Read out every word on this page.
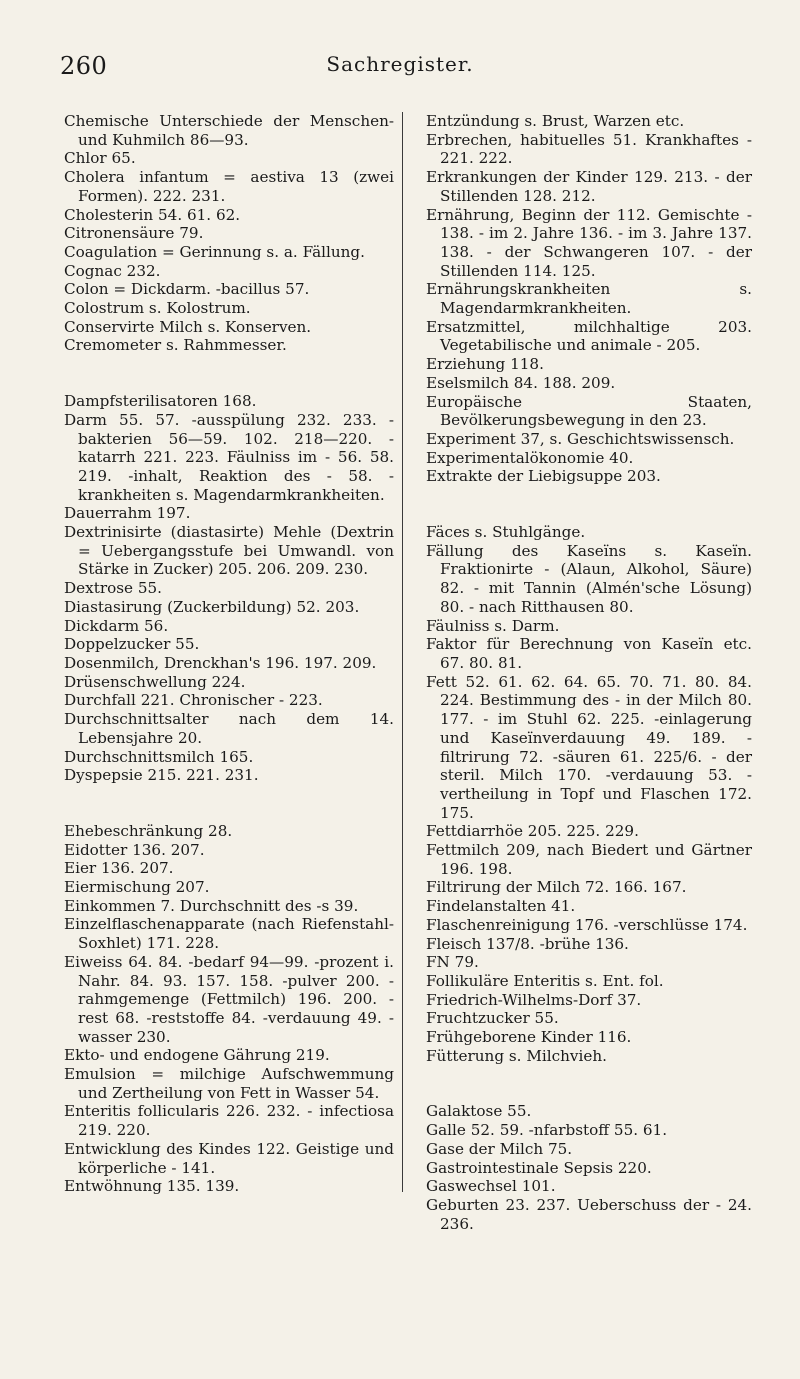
260	Sachregister.
Chemische Unterschiede der Menschen- und Kuhmilch 86—93.
Chlor 65.
Cholera infantum = aestiva 13 (zwei Formen). 222. 231.
Cholesterin 54. 61. 62.
Citronensäure 79.
Coagulation = Gerinnung s. a. Fällung.
Cognac 232.
Colon = Dickdarm. -bacillus 57.
Colostrum s. Kolostrum.
Conservirte Milch s. Konserven.
Cremometer s. Rahmmesser.
Dampfsterilisatoren 168.
Darm 55. 57. -ausspülung 232. 233. -bakterien 56—59. 102. 218—220. -katarrh 221. 223. Fäulniss im - 56. 58. 219. -inhalt, Reaktion des - 58. -krankheiten s. Magendarmkrankheiten.
Dauerrahm 197.
Dextrinisirte (diastasirte) Mehle (Dextrin = Uebergangsstufe bei Umwandl. von Stärke in Zucker) 205. 206. 209. 230.
Dextrose 55.
Diastasirung (Zuckerbildung) 52. 203.
Dickdarm 56.
Doppelzucker 55.
Dosenmilch, Drenckhan's 196. 197. 209.
Drüsenschwellung 224.
Durchfall 221. Chronischer - 223.
Durchschnittsalter nach dem 14. Lebensjahre 20.
Durchschnittsmilch 165.
Dyspepsie 215. 221. 231.
Ehebeschränkung 28.
Eidotter 136. 207.
Eier 136. 207.
Eiermischung 207.
Einkommen 7. Durchschnitt des -s 39.
Einzelflaschenapparate (nach Riefenstahl-Soxhlet) 171. 228.
Eiweiss 64. 84. -bedarf 94—99. -prozent i. Nahr. 84. 93. 157. 158. -pulver 200. -rahmgemenge (Fettmilch) 196. 200. -rest 68. -reststoffe 84. -verdauung 49. -wasser 230.
Ekto- und endogene Gährung 219.
Emulsion = milchige Aufschwemmung und Zertheilung von Fett in Wasser 54.
Enteritis follicularis 226. 232. - infectiosa 219. 220.
Entwicklung des Kindes 122. Geistige und körperliche - 141.
Entwöhnung 135. 139.
Entzündung s. Brust, Warzen etc.
Erbrechen, habituelles 51. Krankhaftes - 221. 222.
Erkrankungen der Kinder 129. 213. - der Stillenden 128. 212.
Ernährung, Beginn der 112. Gemischte - 138. - im 2. Jahre 136. - im 3. Jahre 137. 138. - der Schwangeren 107. - der Stillenden 114. 125.
Ernährungskrankheiten s. Magendarmkrankheiten.
Ersatzmittel, milchhaltige 203. Vegetabilische und animale - 205.
Erziehung 118.
Eselsmilch 84. 188. 209.
Europäische Staaten, Bevölkerungsbewegung in den 23.
Experiment 37, s. Geschichtswissensch.
Experimentalökonomie 40.
Extrakte der Liebigsuppe 203.
Fäces s. Stuhlgänge.
Fällung des Kaseïns s. Kaseïn. Fraktionirte - (Alaun, Alkohol, Säure) 82. - mit Tannin (Almén'sche Lösung) 80. - nach Ritthausen 80.
Fäulniss s. Darm.
Faktor für Berechnung von Kaseïn etc. 67. 80. 81.
Fett 52. 61. 62. 64. 65. 70. 71. 80. 84. 224. Bestimmung des - in der Milch 80. 177. - im Stuhl 62. 225. -einlagerung und Kaseïnverdauung 49. 189. -filtrirung 72. -säuren 61. 225/6. - der steril. Milch 170. -verdauung 53. -vertheilung in Topf und Flaschen 172. 175.
Fettdiarrhöe 205. 225. 229.
Fettmilch 209, nach Biedert und Gärtner 196. 198.
Filtrirung der Milch 72. 166. 167.
Findelanstalten 41.
Flaschenreinigung 176. -verschlüsse 174.
Fleisch 137/8. -brühe 136.
FN 79.
Follikuläre Enteritis s. Ent. fol.
Friedrich-Wilhelms-Dorf 37.
Fruchtzucker 55.
Frühgeborene Kinder 116.
Fütterung s. Milchvieh.
Galaktose 55.
Galle 52. 59. -nfarbstoff 55. 61.
Gase der Milch 75.
Gastrointestinale Sepsis 220.
Gaswechsel 101.
Geburten 23. 237. Ueberschuss der - 24. 236.
